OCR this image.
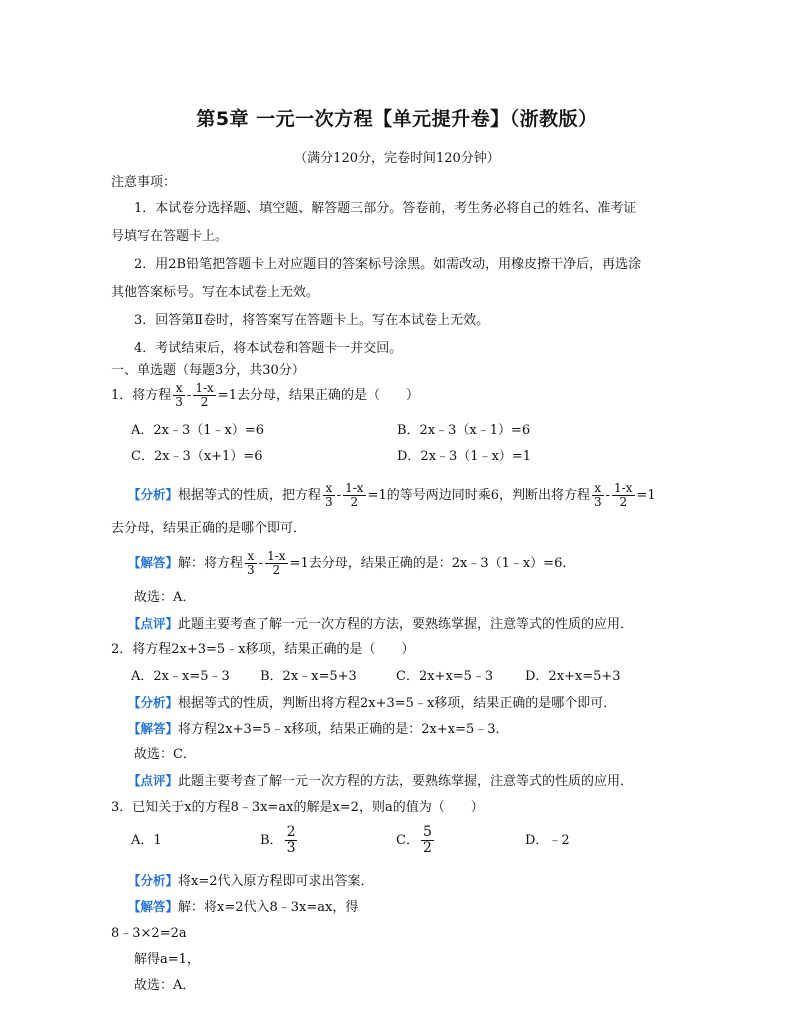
第5章 一元一次方程【单元提升卷】（浙教版）
（满分120分，完卷时间120分钟）
注意事项：
1．本试卷分选择题、填空题、解答题三部分。答卷前，考生务必将自己的姓名、准考证
号填写在答题卡上。
2．用2B铅笔把答题卡上对应题目的答案标号涂黑。如需改动，用橡皮擦干净后，再选涂
其他答案标号。写在本试卷上无效。
3．回答第Ⅱ卷时，将答案写在答题卡上。写在本试卷上无效。
4．考试结束后，将本试卷和答题卡一并交回。
一、单选题（每题3分，共30分）
1．将方程 $\frac{x}{3} - \frac{1-x}{2} =1$去分母，结果正确的是（　　）
A．2x﹣3（1﹣x）=6	B．2x﹣3（x﹣1）=6
C．2x﹣3（x+1）=6	D．2x﹣3（1﹣x）=1
【分析】根据等式的性质，把方程 $\frac{x}{3} - \frac{1-x}{2} =1$的等号两边同时乘6，判断出将方程 $\frac{x}{3} - \frac{1-x}{2} =1$
去分母，结果正确的是哪个即可．
【解答】解：将方程 $\frac{x}{3} - \frac{1-x}{2} =1$去分母，结果正确的是：2x﹣3（1﹣x）=6．
故选：A．
【点评】此题主要考查了解一元一次方程的方法，要熟练掌握，注意等式的性质的应用．
2．将方程2x+3=5﹣x移项，结果正确的是（　　）
A．2x﹣x=5﹣3 B．2x﹣x=5+3	C．2x+x=5﹣3 D．2x+x=5+3
【分析】根据等式的性质，判断出将方程2x+3=5﹣x移项，结果正确的是哪个即可．
【解答】将方程2x+3=5﹣x移项，结果正确的是：2x+x=5﹣3．
故选：C．
【点评】此题主要考查了解一元一次方程的方法，要熟练掌握，注意等式的性质的应用．
3．已知关于x的方程8﹣3x=ax的解是x=2，则a的值为（　　）
A．1	B． $\frac{2}{3}$	C． $\frac{5}{2}$	D．﹣2
【分析】将x=2代入原方程即可求出答案．
【解答】解：将x=2代入8﹣3x=ax，得
8﹣3×2=2a
解得a=1，
故选：A．
